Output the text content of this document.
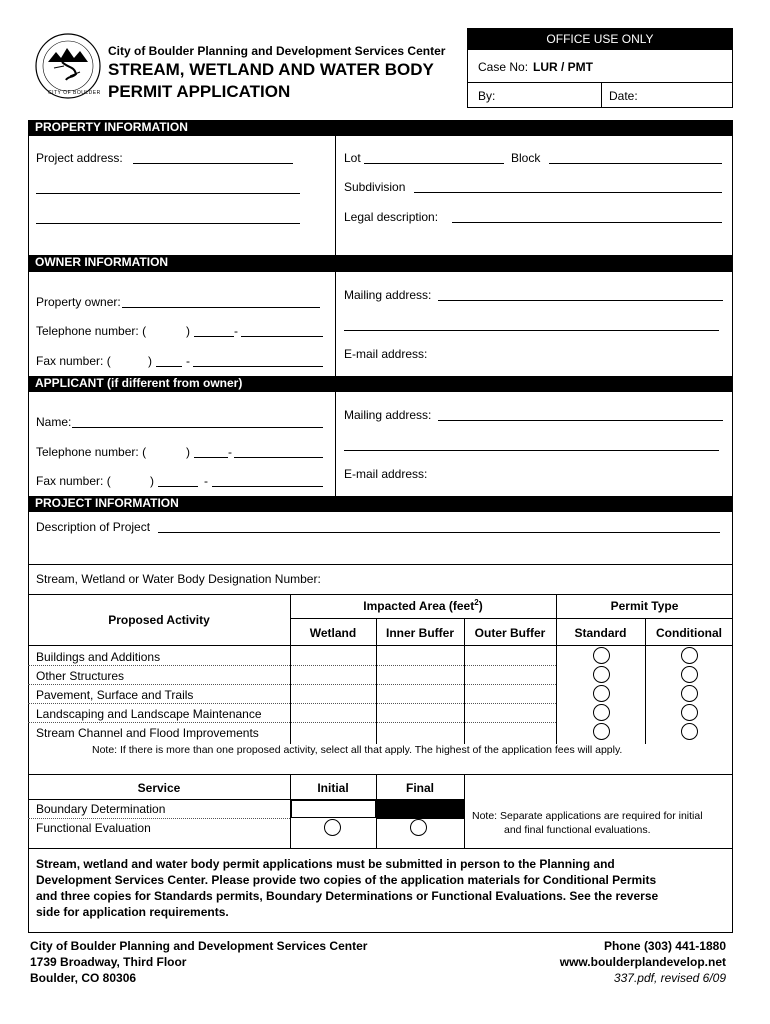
CITY OF BOULDER
City of Boulder Planning and Development Services Center
STREAM, WETLAND AND WATER BODY
PERMIT APPLICATION
OFFICE USE ONLY
Case No: LUR / PMT
By:	Date:
PROPERTY INFORMATION
Project address:	Lot	Block
Subdivision
Legal description:
OWNER INFORMATION
Property owner:
Telephone number: (	)	-
Fax number: (	)	-
Mailing address:
E-mail address:
APPLICANT (if different from owner)
Name:
Telephone number: (	)	-
Fax number: (	)	-
Mailing address:
E-mail address:
PROJECT INFORMATION
Description of Project
Stream, Wetland or Water Body Designation Number:
Proposed Activity
Impacted Area (feet$^2$)	Permit Type
Wetland	Inner Buffer	Outer Buffer	Standard	Conditional
Buildings and Additions
Other Structures
Pavement, Surface and Trails
Landscaping and Landscape Maintenance
Stream Channel and Flood Improvements
Note: If there is more than one proposed activity, select all that apply. The highest of the application fees will apply.
Service	Initial	Final
Boundary Determination
Functional Evaluation
Note: Separate applications are required for initial
and final functional evaluations.
Stream, wetland and water body permit applications must be submitted in person to the Planning and
Development Services Center. Please provide two copies of the application materials for Conditional Permits
and three copies for Standards permits, Boundary Determinations or Functional Evaluations. See the reverse
side for application requirements.
City of Boulder Planning and Development Services Center
1739 Broadway, Third Floor
Boulder, CO 80306
Phone (303) 441-1880
www.boulderplandevelop.net
337.pdf, revised 6/09
